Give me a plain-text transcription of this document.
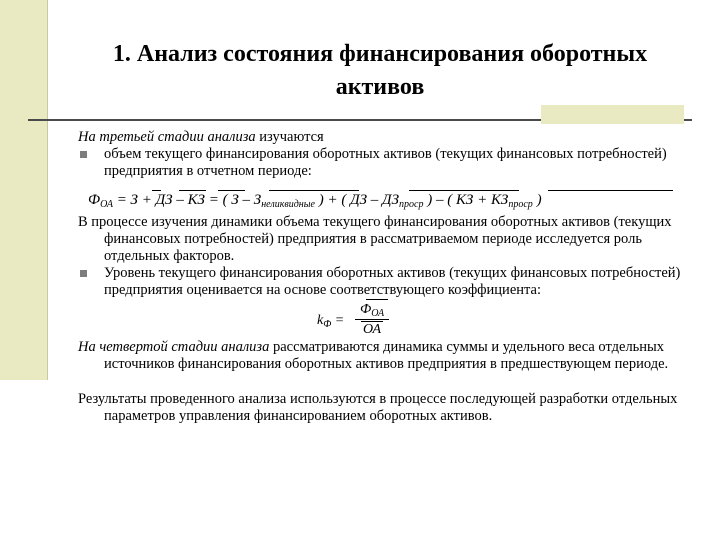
1. Анализ состояния финансирования оборотных активов

На третьей стадии анализа изучаются

объем текущего финансирования оборотных активов (текущих финансовых потребностей) предприятия в отчетном периоде:
$Ф_{ОА} = З$ + ДЗ – КЗ = ( З – $З_{неликвидные}$ ) + ( ДЗ – $ДЗ_{просp}$ ) – ( КЗ + $КЗ_{просp}$ )

В процессе изучения динамики объема текущего финансирования оборотных активов (текущих финансовых потребностей) предприятия в рассматриваемом периоде исследуется роль отдельных факторов.

Уровень текущего финансирования оборотных активов (текущих финансовых потребностей) предприятия оценивается на основе соответствующего коэффициента:
$k_Ф$ =
$Ф_{ОА}$
ОА

На четвертой стадии анализа рассматриваются динамика суммы и удельного веса отдельных источников финансирования оборотных активов предприятия в предшествующем периоде.

Результаты проведенного анализа используются в процессе последующей разработки отдельных параметров управления финансированием оборотных активов.
